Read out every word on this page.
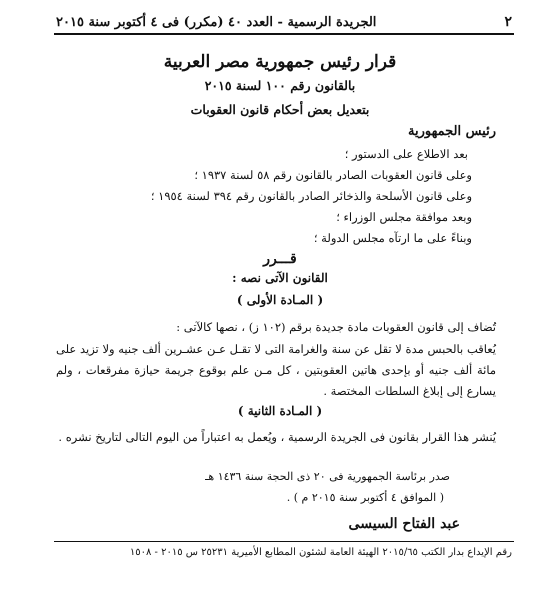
٢
الجريدة الرسمية - العدد ٤٠ (مكرر) فى ٤ أكتوبر سنة ٢٠١٥
قرار رئيس جمهورية مصر العربية
بالقانون رقم ١٠٠ لسنة ٢٠١٥
بتعديل بعض أحكام قانون العقوبات
رئيس الجمهورية
بعد الاطلاع على الدستور ؛
وعلى قانون العقوبات الصادر بالقانون رقم ٥٨ لسنة ١٩٣٧ ؛
وعلى قانون الأسلحة والذخائر الصادر بالقانون رقم ٣٩٤ لسنة ١٩٥٤ ؛
وبعد موافقة مجلس الوزراء ؛
وبناءً على ما ارتآه مجلس الدولة ؛
قـــرر
القانون الآتى نصه :
( المـادة الأولى )
تُضاف إلى قانون العقوبات مادة جديدة برقم (١٠٢ ز) ، نصها كالآتى :
يُعاقب بالحبس مدة لا تقل عن سنة والغرامة التى لا تقـل عـن عشـرين ألف جنيه ولا تزيد على مائة ألف جنيه أو بإحدى هاتين العقوبتين ، كل مـن علم بوقوع جريمة حيازة مفرقعات ، ولم يسارع إلى إبلاغ السلطات المختصة .
( المـادة الثانية )
يُنشر هذا القرار بقانون فى الجريدة الرسمية ، ويُعمل به اعتباراً من اليوم التالى لتاريخ نشره .
صدر برئاسة الجمهورية فى ٢٠ ذى الحجة سنة ١٤٣٦ هـ
( الموافق ٤ أكتوبر سنة ٢٠١٥ م ) .
عبد الفتاح السيسى
رقم الإيداع بدار الكتب ٢٠١٥/٦٥ الهيئة العامة لشئون المطابع الأميرية ٢٥٢٣١ س ٢٠١٥ - ١٥٠٨
